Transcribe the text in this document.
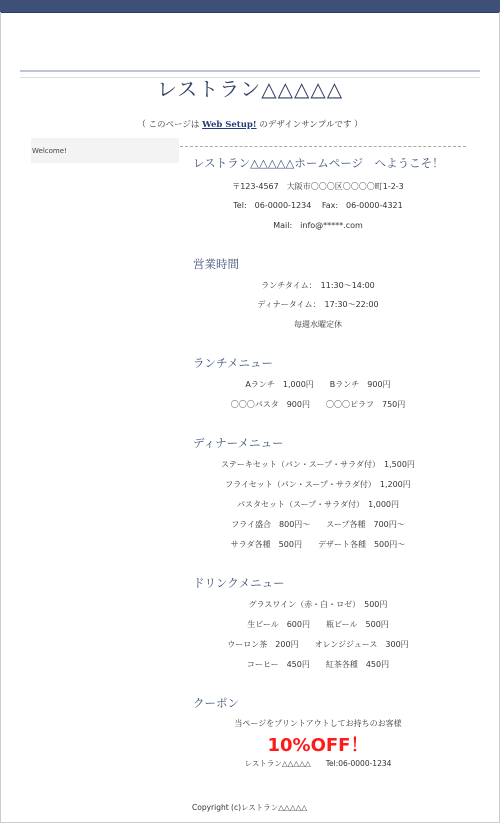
レストラン△△△△△
（ このページは Web Setup! のデザインサンプルです ）
Welcome!
レストラン△△△△△ホームページ　へようこそ！
〒123-4567　大阪市〇〇〇区〇〇〇〇町1-2-3
Tel:　06-0000-1234　 Fax:　06-0000-4321
Mail:　info@*****.com
営業時間
ランチタイム：　11:30〜14:00
ディナータイム：　17:30〜22:00
毎週水曜定休
ランチメニュー
Aランチ　1,000円　　Bランチ　900円
〇〇〇パスタ　900円　　〇〇〇ピラフ　750円
ディナーメニュー
ステーキセット（パン・スープ・サラダ付）　1,500円
フライセット（パン・スープ・サラダ付）　1,200円
パスタセット（スープ・サラダ付）　1,000円
フライ盛合　800円〜　　スープ各種　700円〜
サラダ各種　500円　　デザート各種　500円〜
ドリンクメニュー
グラスワイン（赤・白・ロゼ）　500円
生ビール　600円　　瓶ビール　500円
ウーロン茶　200円　　オレンジジュース　300円
コーヒー　450円　　紅茶各種　450円
クーポン
当ページをプリントアウトしてお持ちのお客様
10%OFF！
レストラン△△△△△　　Tel:06-0000-1234
Copyright (c)レストラン△△△△△
